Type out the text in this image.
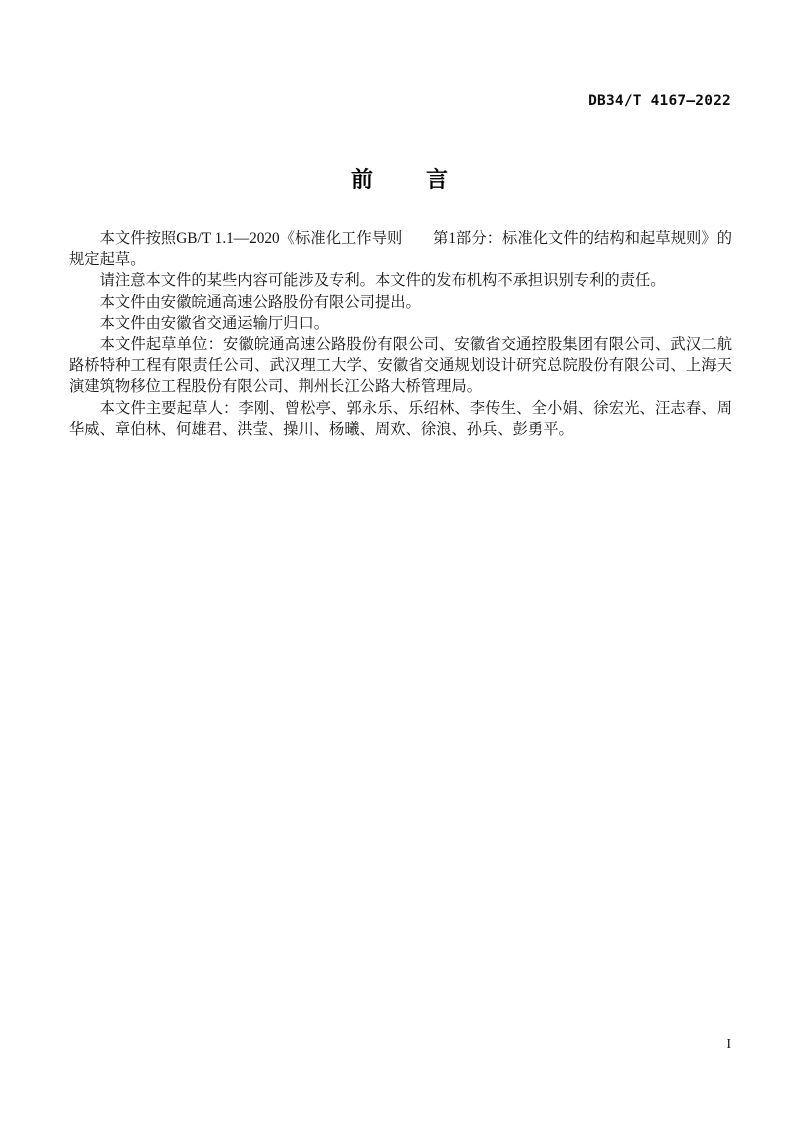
DB34/T 4167—2022
前      言

本文件按照GB/T 1.1—2020《标准化工作导则　　第1部分：标准化文件的结构和起草规则》的规定起草。

请注意本文件的某些内容可能涉及专利。本文件的发布机构不承担识别专利的责任。

本文件由安徽皖通高速公路股份有限公司提出。

本文件由安徽省交通运输厅归口。

本文件起草单位：安徽皖通高速公路股份有限公司、安徽省交通控股集团有限公司、武汉二航路桥特种工程有限责任公司、武汉理工大学、安徽省交通规划设计研究总院股份有限公司、上海天演建筑物移位工程股份有限公司、荆州长江公路大桥管理局。

本文件主要起草人：李刚、曾松亭、郭永乐、乐绍林、李传生、全小娟、徐宏光、汪志春、周华威、章伯林、何雄君、洪莹、操川、杨曦、周欢、徐浪、孙兵、彭勇平。

I
